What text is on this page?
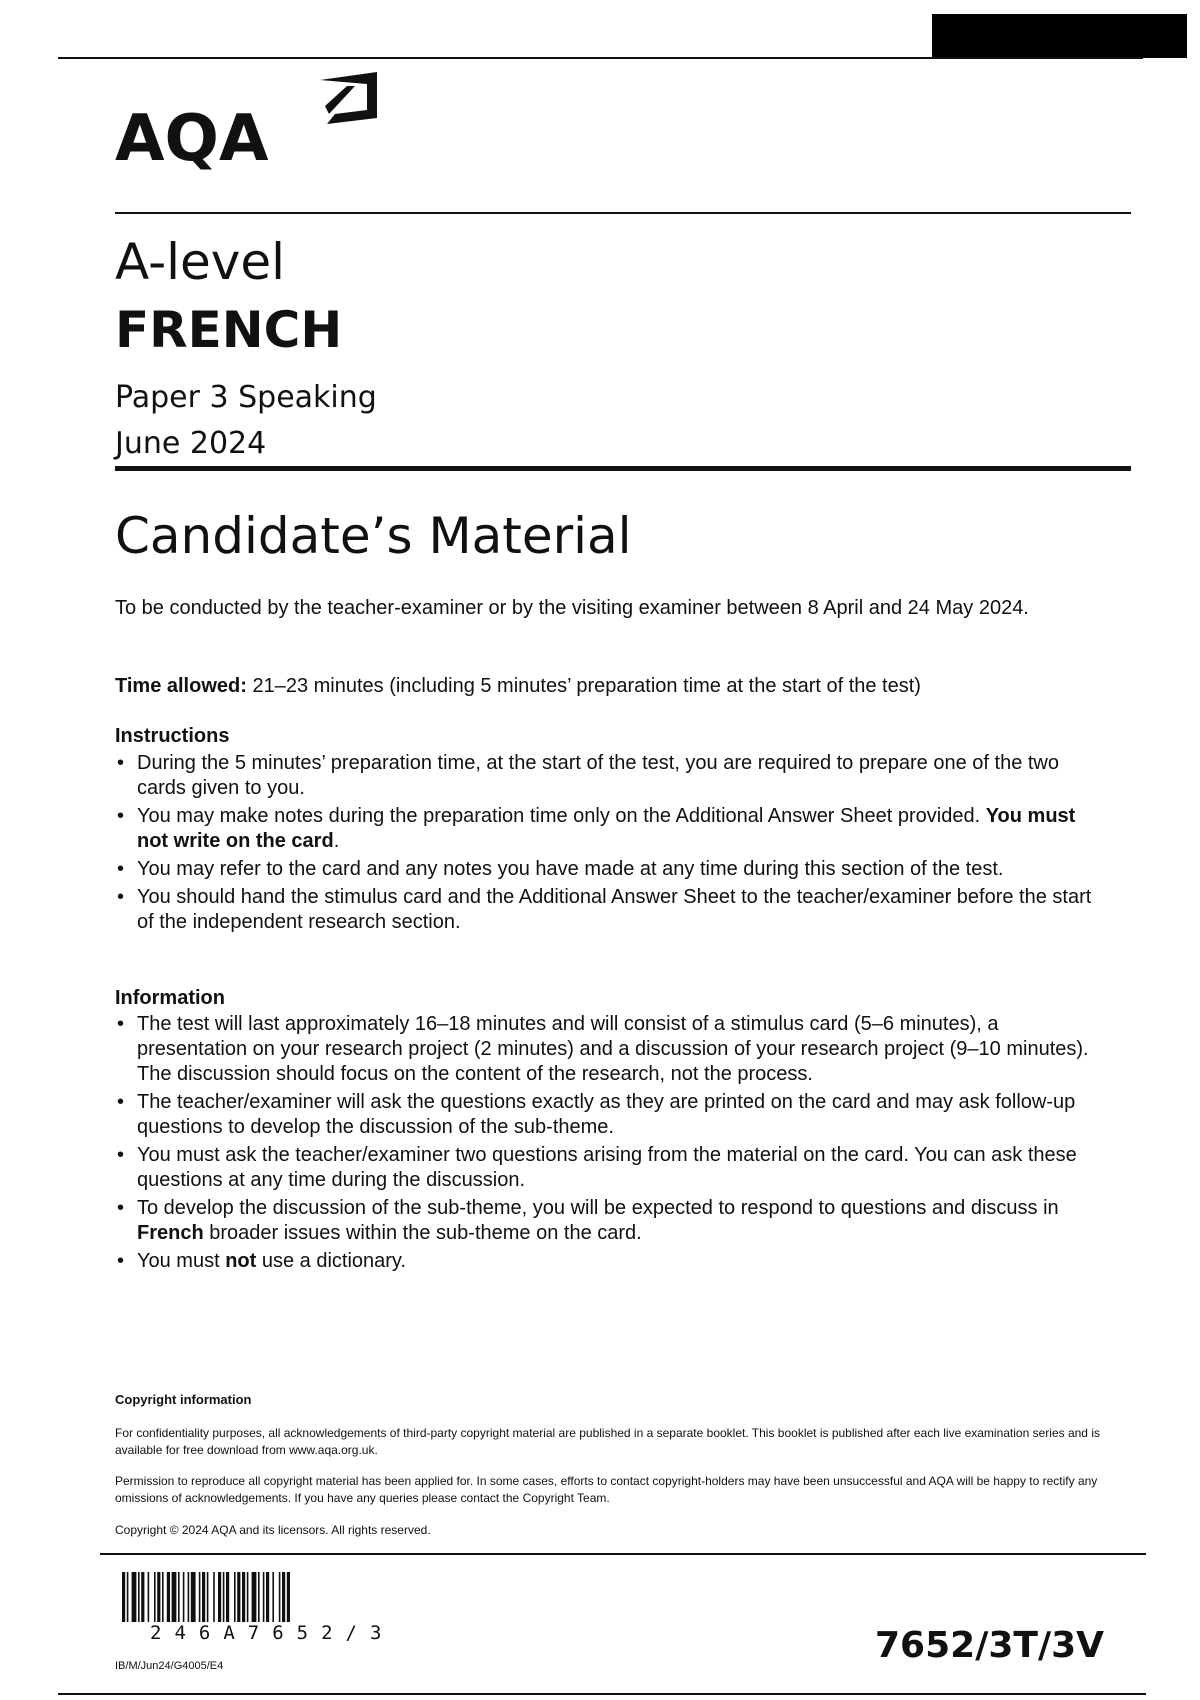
AQA
A-level
FRENCH
Paper 3 Speaking
June 2024
Candidate’s Material
To be conducted by the teacher-examiner or by the visiting examiner between 8 April and 24 May 2024.
Time allowed: 21–23 minutes (including 5 minutes’ preparation time at the start of the test)
Instructions
• During the 5 minutes’ preparation time, at the start of the test, you are required to prepare one of the two cards given to you.
• You may make notes during the preparation time only on the Additional Answer Sheet provided. You must not write on the card.
• You may refer to the card and any notes you have made at any time during this section of the test.
• You should hand the stimulus card and the Additional Answer Sheet to the teacher/examiner before the start of the independent research section.
Information
• The test will last approximately 16–18 minutes and will consist of a stimulus card (5–6 minutes), a presentation on your research project (2 minutes) and a discussion of your research project (9–10 minutes). The discussion should focus on the content of the research, not the process.
• The teacher/examiner will ask the questions exactly as they are printed on the card and may ask follow-up questions to develop the discussion of the sub-theme.
• You must ask the teacher/examiner two questions arising from the material on the card. You can ask these questions at any time during the discussion.
• To develop the discussion of the sub-theme, you will be expected to respond to questions and discuss in French broader issues within the sub-theme on the card.
• You must not use a dictionary.
Copyright information
For confidentiality purposes, all acknowledgements of third-party copyright material are published in a separate booklet. This booklet is published after each live examination series and is available for free download from www.aqa.org.uk.
Permission to reproduce all copyright material has been applied for. In some cases, efforts to contact copyright-holders may have been unsuccessful and AQA will be happy to rectify any omissions of acknowledgements. If you have any queries please contact the Copyright Team.
Copyright © 2024 AQA and its licensors. All rights reserved.
246A7652/3
IB/M/Jun24/G4005/E4	7652/3T/3V
